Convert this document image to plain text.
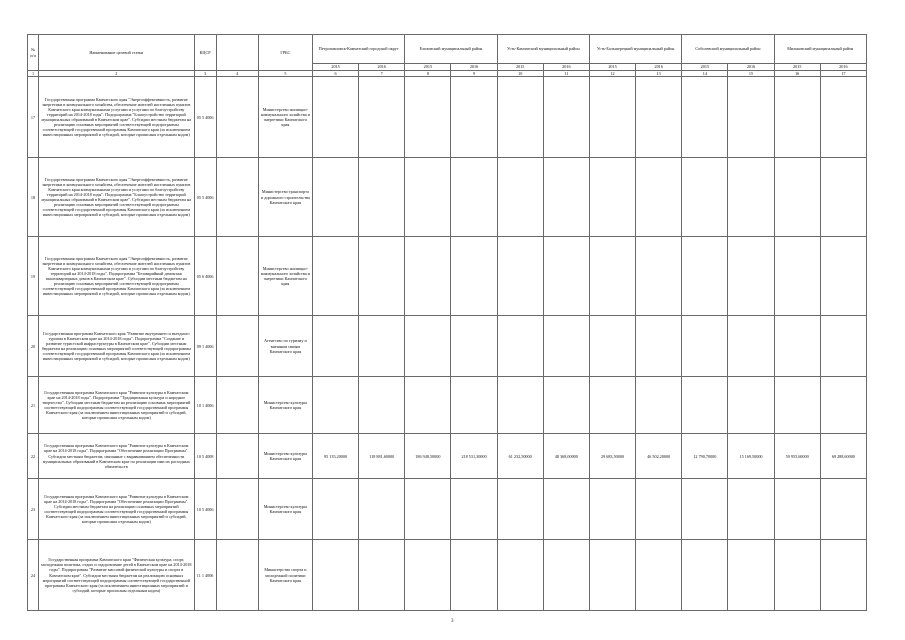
№ п/п	Наименование целевой статьи	КЦСР		ГРБС	Петропавловск-Камчатский городской округ		Елизовский муниципальный район		Усть-Камчатский муниципальный район		Усть-Большерецкий муниципальный район		Соболевский муниципальный район		Мильковский муниципальный район	
					2015	2016	2015	2016	2015	2016	2015	2016	2015	2016	2015	2016
1	2	3	4	5	6	7	8	9	10	11	12	13	14	15	16	17
17	Государственная программа Камчатского края "Энергоэффективность, развитие энергетики и коммунального хозяйства, обеспечение жителей населенных пунктов Камчатского края коммунальными услугами и услугами по благоустройству территорий на 2014-2018 годы". Подпрограмма "Благоустройство территорий муниципальных образований в Камчатском крае". Субсидии местным бюджетам на реализацию основных мероприятий соответствующей подпрограммы соответствующей государственной программы Камчатского края (за исключением инвестиционных мероприятий и субсидий, которые прописаны отдельным кодом)	05 5 4006		Министерство жилищно-коммунального хозяйства и энергетики Камчатского края												
18	Государственная программа Камчатского края "Энергоэффективность, развитие энергетики и коммунального хозяйства, обеспечение жителей населенных пунктов Камчатского края коммунальными услугами и услугами по благоустройству территорий на 2014-2018 годы". Подпрограмма "Благоустройство территорий муниципальных образований в Камчатском крае". Субсидии местным бюджетам на реализацию основных мероприятий соответствующей подпрограммы соответствующей государственной программы Камчатского края (за исключением инвестиционных мероприятий и субсидий, которые прописаны отдельным кодом)	05 5 4006		Министерство транспорта и дорожного строительства Камчатского края												
19	Государственная программа Камчатского края "Энергоэффективность, развитие энергетики и коммунального хозяйства, обеспечение жителей населенных пунктов Камчатского края коммунальными услугами и услугами по благоустройству территорий на 2014-2018 годы". Подпрограмма "Безаварийный демонтаж многоквартирных домов в Камчатском крае". Субсидии местным бюджетам на реализацию основных мероприятий соответствующей подпрограммы соответствующей государственной программы Камчатского края (за исключением инвестиционных мероприятий и субсидий, которые прописаны отдельным кодом)	05 6 4006		Министерство жилищно-коммунального хозяйства и энергетики Камчатского края												
20	Государственная программа Камчатского края "Развитие внутреннего и въездного туризма в Камчатском крае на 2014-2018 годы". Подпрограмма "Создание и развитие туристской инфраструктуры в Камчатском крае". Субсидии местным бюджетам на реализацию основных мероприятий соответствующей подпрограммы соответствующей государственной программы Камчатского края (за исключением инвестиционных мероприятий и субсидий, которые прописаны отдельным кодом)	09 1 4006		Агентство по туризму и внешним связям Камчатского края												
21	Государственная программа Камчатского края "Развитие культуры в Камчатском крае на 2014-2018 годы". Подпрограмма "Традиционная культура и народное творчество". Субсидии местным бюджетам на реализацию основных мероприятий соответствующей подпрограммы соответствующей государственной программы Камчатского края (за исключением инвестиционных мероприятий и субсидий, которые прописаны отдельным кодом)	10 1 4006		Министерство культуры Камчатского края												
22	Государственная программа Камчатского края "Развитие культуры в Камчатском крае на 2014-2018 годы". Подпрограмма "Обеспечение реализации Программы". Субсидии местным бюджетам, связанные с выравниванием обеспеченности муниципальных образований в Камчатском крае по реализации ими их расходных обязательств	10 5 4008		Министерство культуры Камчатского края	95 135,20000	118 881,60000	186 948,50000	218 531,30000	61 232,50000	48 368,00000	29 683,50000	46 502,20000	12 790,70000	15 169,50000	59 955,60000	69 288,60000
23	Государственная программа Камчатского края "Развитие культуры в Камчатском крае на 2014-2018 годы". Подпрограмма "Обеспечение реализации Программы". Субсидии местным бюджетам на реализацию основных мероприятий соответствующей подпрограммы соответствующей государственной программы Камчатского края (за исключением инвестиционных мероприятий и субсидий, которые прописаны отдельным кодом)	10 5 4006		Министерство культуры Камчатского края												
24	Государственная программа Камчатского края "Физическая культура, спорт, молодежная политика, отдых и оздоровление детей в Камчатском крае на 2014-2018 годы". Подпрограмма "Развитие массовой физической культуры и спорта в Камчатском крае". Субсидии местным бюджетам на реализацию основных мероприятий соответствующей подпрограммы соответствующей государственной программы Камчатского края (за исключением инвестиционных мероприятий и субсидий, которые прописаны отдельным кодом)	11 1 4006		Министерство спорта и молодежной политики Камчатского края												
3
